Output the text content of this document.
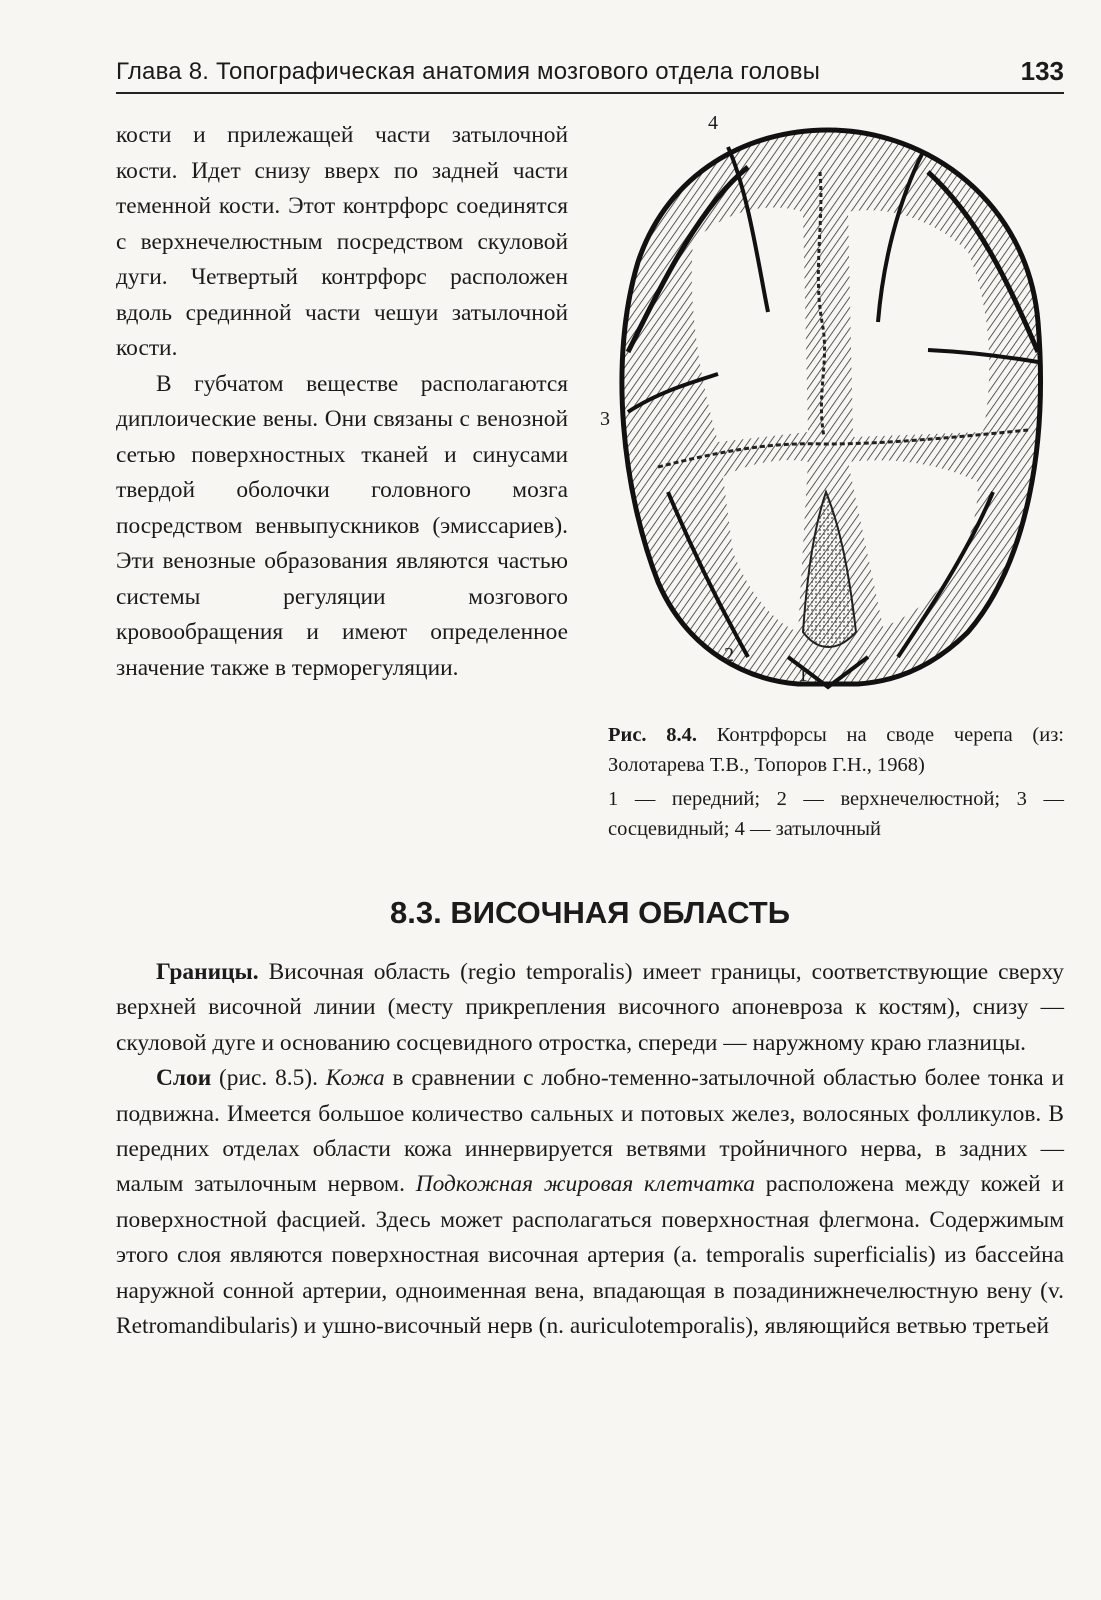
Глава 8. Топографическая анатомия мозгового отдела головы	133

кости и прилежащей части затылочной кости. Идет снизу вверх по задней части теменной кости. Этот контрфорс соединятся с верхнечелюстным посредством скуловой дуги. Четвертый контрфорс расположен вдоль срединной части чешуи затылочной кости.

В губчатом веществе располагаются диплоические вены. Они связаны с венозной сетью поверхностных тканей и синусами твердой оболочки головного мозга посредством венвыпускников (эмиссариев). Эти венозные образования являются частью системы регуляции мозгового кровообращения и имеют определенное значение также в терморегуляции.

4
3
2
1

Рис. 8.4. Контрфорсы на своде черепа (из: Золотарева Т.В., Топоров Г.Н., 1968)

1 — передний; 2 — верхнечелюстной; 3 — сосцевидный; 4 — затылочный

8.3. ВИСОЧНАЯ ОБЛАСТЬ

Границы. Височная область (regio temporalis) имеет границы, соответствующие сверху верхней височной линии (месту прикрепления височного апоневроза к костям), снизу — скуловой дуге и основанию сосцевидного отростка, спереди — наружному краю глазницы.

Слои (рис. 8.5). Кожа в сравнении с лобно-теменно-затылочной областью более тонка и подвижна. Имеется большое количество сальных и потовых желез, волосяных фолликулов. В передних отделах области кожа иннервируется ветвями тройничного нерва, в задних — малым затылочным нервом. Подкожная жировая клетчатка расположена между кожей и поверхностной фасцией. Здесь может располагаться поверхностная флегмона. Содержимым этого слоя являются поверхностная височная артерия (a. temporalis superficialis) из бассейна наружной сонной артерии, одноименная вена, впадающая в позадинижнечелюстную вену (v. Retromandibularis) и ушно-височный нерв (n. auriculotemporalis), являющийся ветвью третьей
